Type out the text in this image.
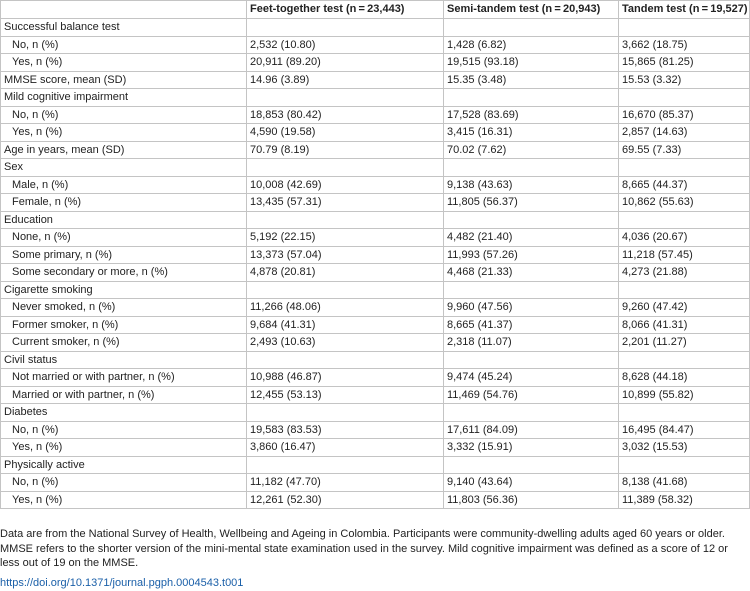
	Feet-together test (n = 23,443)	Semi-tandem test (n = 20,943)	Tandem test (n = 19,527)
Successful balance test			
No, n (%)	2,532 (10.80)	1,428 (6.82)	3,662 (18.75)
Yes, n (%)	20,911 (89.20)	19,515 (93.18)	15,865 (81.25)
MMSE score, mean (SD)	14.96 (3.89)	15.35 (3.48)	15.53 (3.32)
Mild cognitive impairment			
No, n (%)	18,853 (80.42)	17,528 (83.69)	16,670 (85.37)
Yes, n (%)	4,590 (19.58)	3,415 (16.31)	2,857 (14.63)
Age in years, mean (SD)	70.79 (8.19)	70.02 (7.62)	69.55 (7.33)
Sex			
Male, n (%)	10,008 (42.69)	9,138 (43.63)	8,665 (44.37)
Female, n (%)	13,435 (57.31)	11,805 (56.37)	10,862 (55.63)
Education			
None, n (%)	5,192 (22.15)	4,482 (21.40)	4,036 (20.67)
Some primary, n (%)	13,373 (57.04)	11,993 (57.26)	11,218 (57.45)
Some secondary or more, n (%)	4,878 (20.81)	4,468 (21.33)	4,273 (21.88)
Cigarette smoking			
Never smoked, n (%)	11,266 (48.06)	9,960 (47.56)	9,260 (47.42)
Former smoker, n (%)	9,684 (41.31)	8,665 (41.37)	8,066 (41.31)
Current smoker, n (%)	2,493 (10.63)	2,318 (11.07)	2,201 (11.27)
Civil status			
Not married or with partner, n (%)	10,988 (46.87)	9,474 (45.24)	8,628 (44.18)
Married or with partner, n (%)	12,455 (53.13)	11,469 (54.76)	10,899 (55.82)
Diabetes			
No, n (%)	19,583 (83.53)	17,611 (84.09)	16,495 (84.47)
Yes, n (%)	3,860 (16.47)	3,332 (15.91)	3,032 (15.53)
Physically active			
No, n (%)	11,182 (47.70)	9,140 (43.64)	8,138 (41.68)
Yes, n (%)	12,261 (52.30)	11,803 (56.36)	11,389 (58.32)
Data are from the National Survey of Health, Wellbeing and Ageing in Colombia. Participants were community-dwelling adults aged 60 years or older. MMSE refers to the shorter version of the mini-mental state examination used in the survey. Mild cognitive impairment was defined as a score of 12 or less out of 19 on the MMSE.
https://doi.org/10.1371/journal.pgph.0004543.t001
